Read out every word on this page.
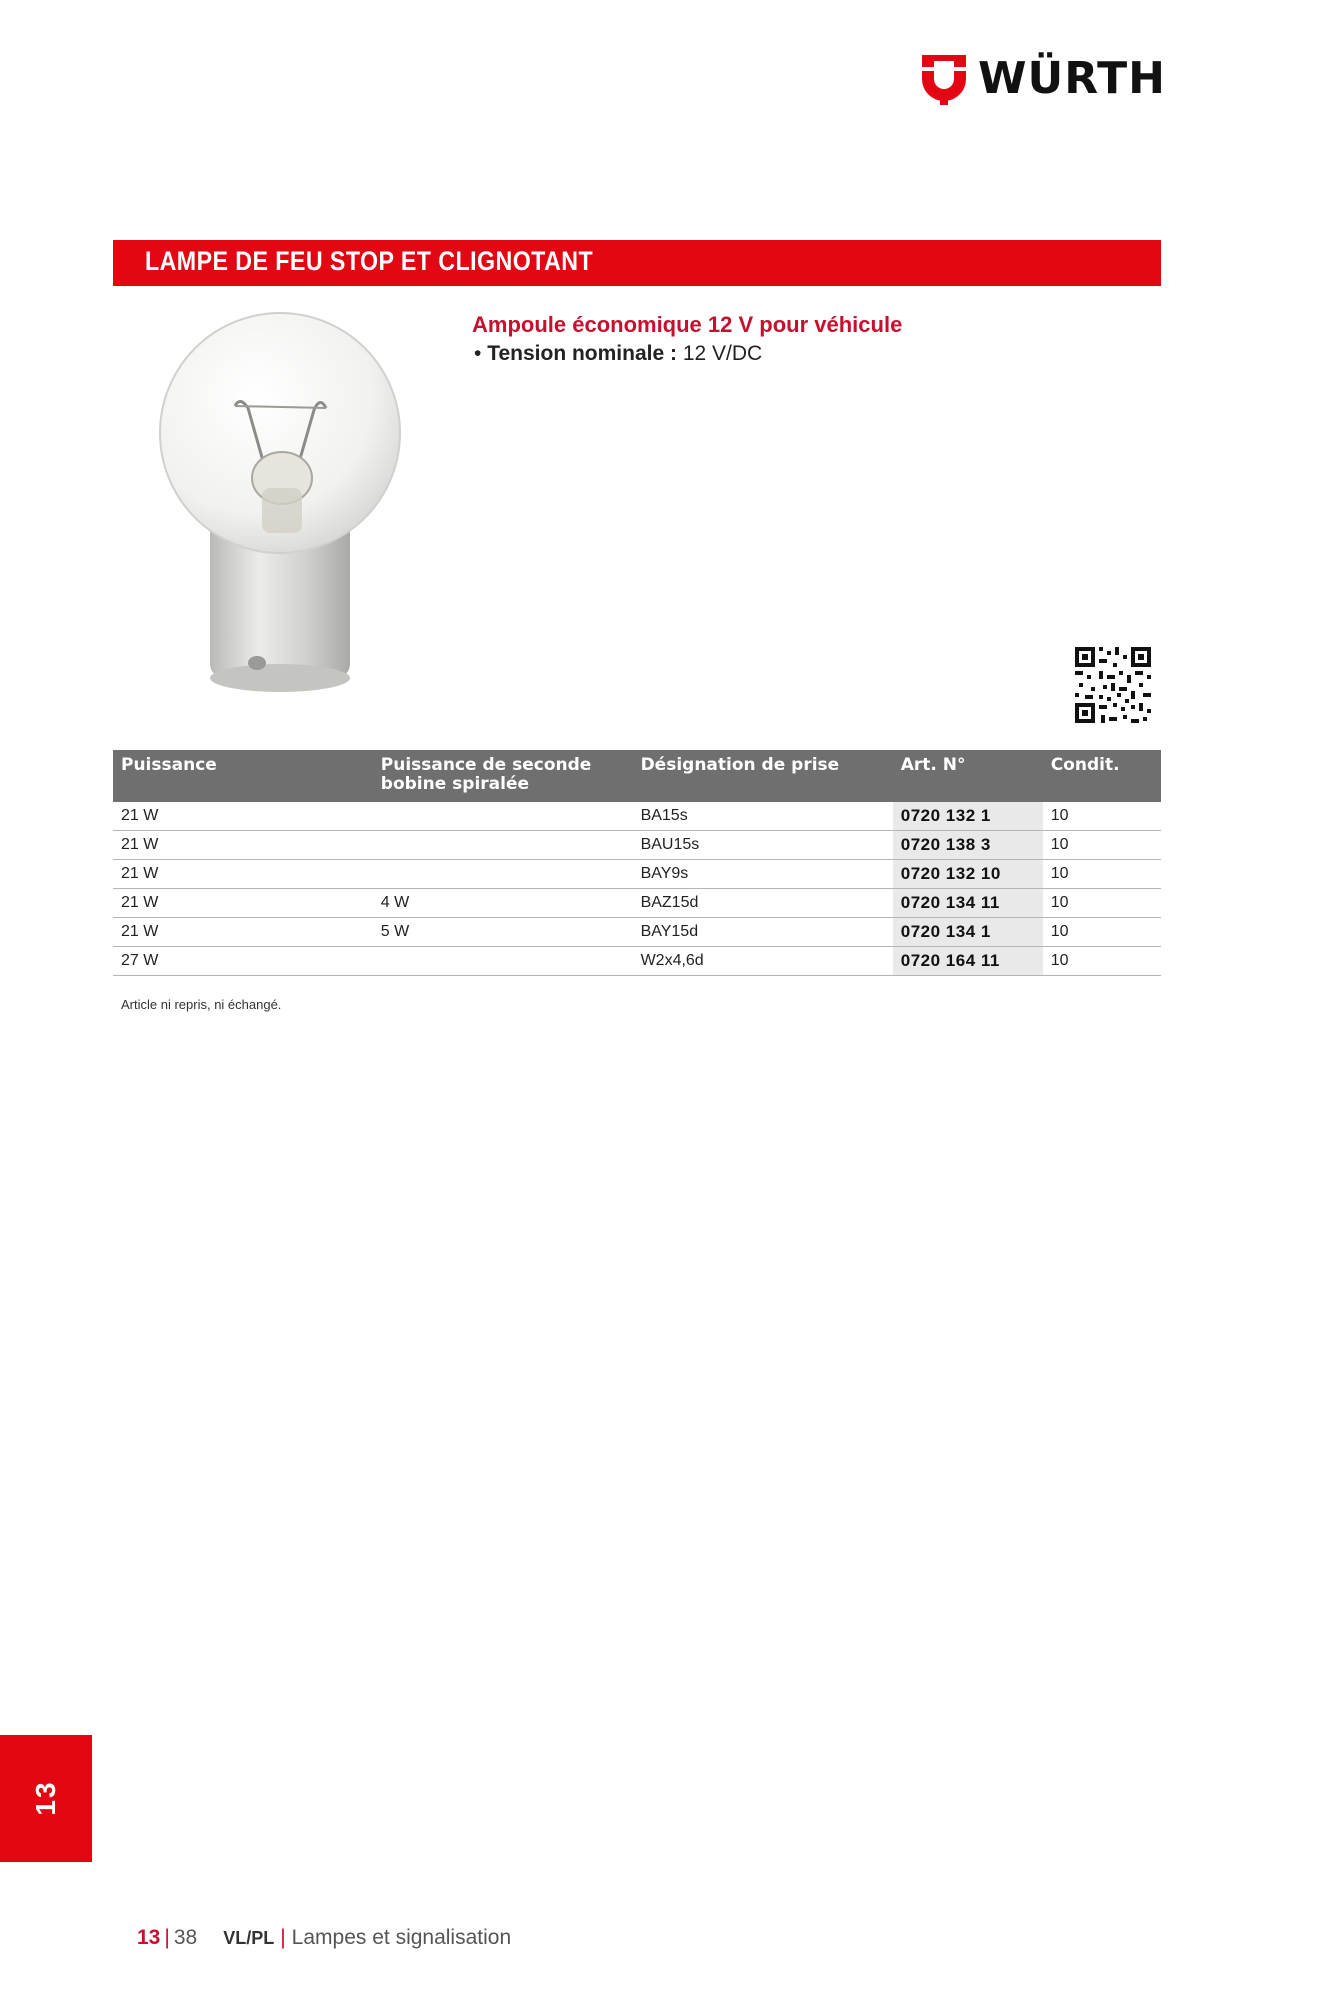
WÜRTH
LAMPE DE FEU STOP ET CLIGNOTANT
Ampoule économique 12 V pour véhicule
• Tension nominale : 12 V/DC
Puissance	Puissance de seconde bobine spiralée	Désignation de prise	Art. N°	Condit.
21 W		BA15s	0720 132 1	10
21 W		BAU15s	0720 138 3	10
21 W		BAY9s	0720 132 10	10
21 W	4 W	BAZ15d	0720 134 11	10
21 W	5 W	BAY15d	0720 134 1	10
27 W		W2x4,6d	0720 164 11	10
Article ni repris, ni échangé.
13
13 | 38 VL/PL | Lampes et signalisation
